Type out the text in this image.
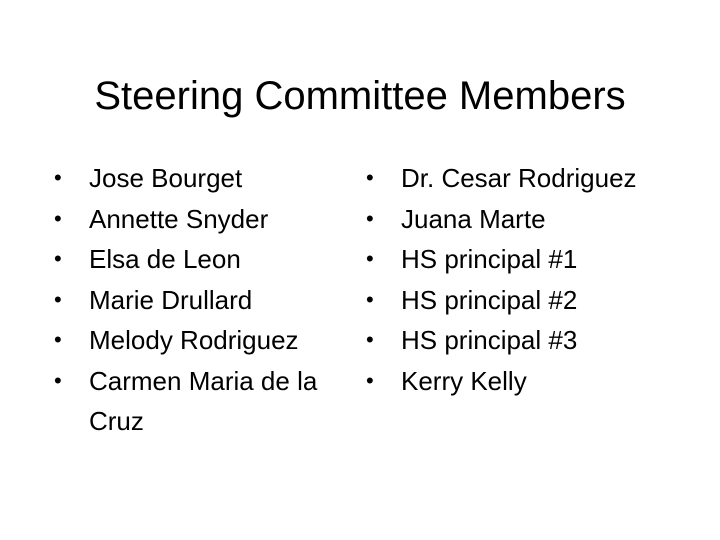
Steering Committee Members
• Jose Bourget
• Annette Snyder
• Elsa de Leon
• Marie Drullard
• Melody Rodriguez
• Carmen Maria de la Cruz
• Dr. Cesar Rodriguez
• Juana Marte
• HS principal #1
• HS principal #2
• HS principal #3
• Kerry Kelly
